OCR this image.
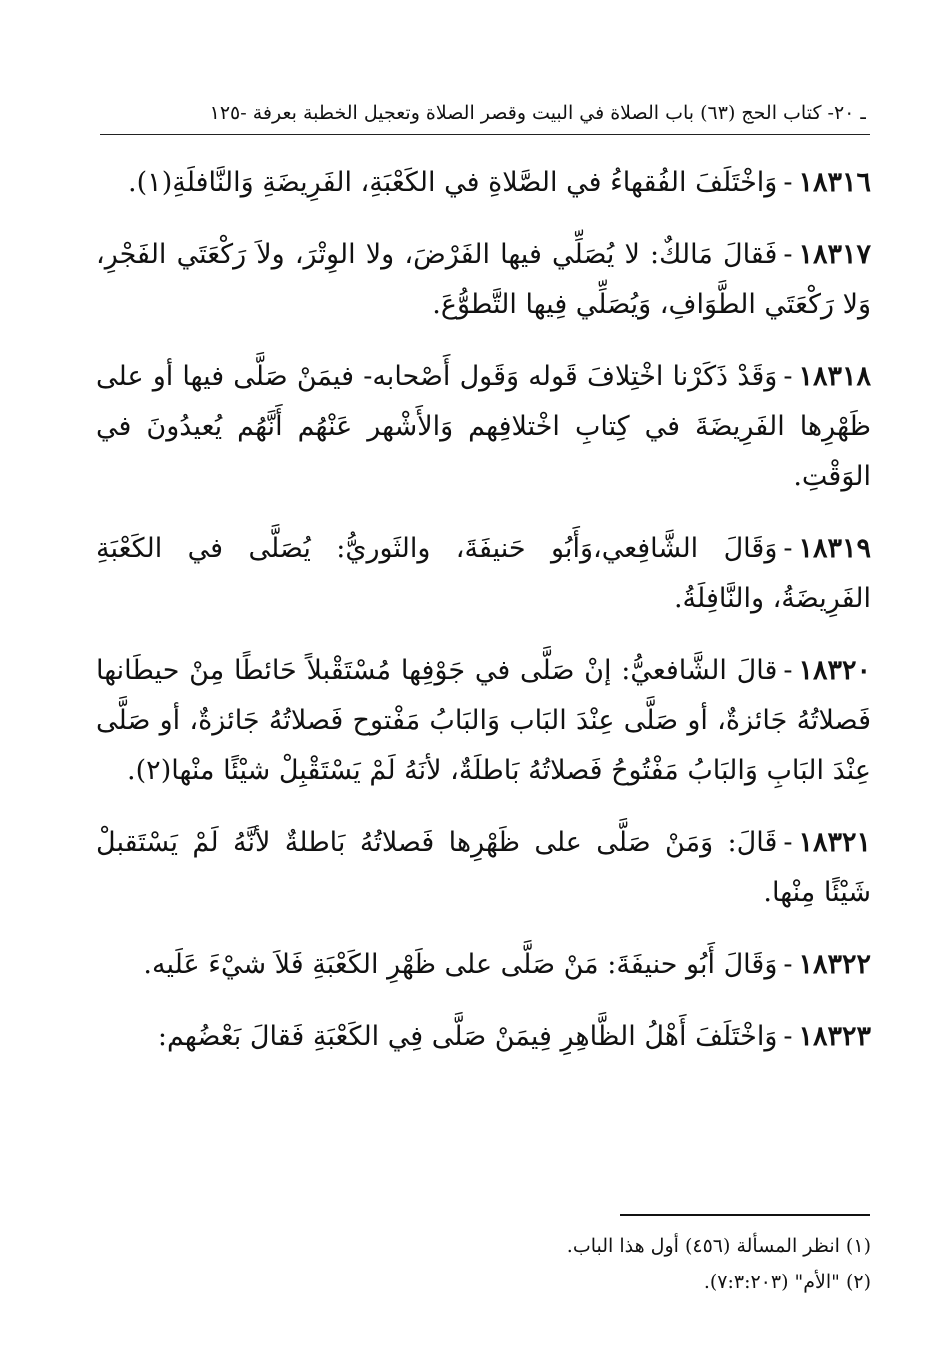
ـ ٢٠- كتاب الحج (٦٣) باب الصلاة في البيت وقصر الصلاة وتعجيل الخطبة بعرفة -١٢٥

١٨٣١٦-وَاخْتَلَفَ الفُقهاءُ في الصَّلاةِ في الكَعْبَةِ، الفَرِيضَةِ وَالنَّافلَةِ(١).

١٨٣١٧-فَقالَ مَالكٌ: لا يُصَلِّي فيها الفَرْضَ، ولا الوِتْرَ، ولاَ رَكْعَتَي الفَجْرِ، وَلا رَكْعَتَي الطَّوَافِ، وَيُصَلِّي فِيها التَّطوُّعَ.

١٨٣١٨-وَقَدْ ذَكَرْنا اخْتِلافَ قَوله وَقَول أَصْحابه- فيمَنْ صَلَّى فيها أو على ظَهْرِها الفَرِيضَةَ في كِتابِ اخْتلافِهم وَالأَشْهر عَنْهُم أَنَّهُم يُعيدُونَ في الوَقْتِ.

١٨٣١٩-وَقَالَ الشَّافِعي،وَأَبُو حَنيفَةَ، والثَوريُّ: يُصَلَّى في الكَعْبَةِ الفَرِيضَةُ، والنَّافِلَةُ.

١٨٣٢٠-قالَ الشَّافعيُّ: إنْ صَلَّى في جَوْفِها مُسْتَقْبلاً حَائطًا مِنْ حيطَانها فَصلاتُهُ جَائزةٌ، أو صَلَّى عِنْدَ البَاب وَالبَابُ مَفْتوح فَصلاتُهُ جَائزةٌ، أو صَلَّى عِنْدَ البَابِ وَالبَابُ مَفْتُوحُ فَصلاتُهُ بَاطلَةٌ، لأنَهُ لَمْ يَسْتَقْبِلْ شيْئًا منْها(٢).

١٨٣٢١-قَالَ: وَمَنْ صَلَّى على ظَهْرِها فَصلاتُهُ بَاطلةٌ لأنَّهُ لَمْ يَسْتَقبلْ شَيْئًا مِنْها.

١٨٣٢٢-وَقَالَ أَبُو حنيفَةَ: مَنْ صَلَّى على ظَهْرِ الكَعْبَةِ فَلاَ شيْءَ عَلَيه.

١٨٣٢٣-وَاخْتَلَفَ أَهْلُ الظَّاهِرِ فِيمَنْ صَلَّى فِي الكَعْبَةِ فَقالَ بَعْضُهم:

(١) انظر المسألة (٤٥٦) أول هذا الباب.

(٢) "الأم" (٧:٣:٢٠٣).
